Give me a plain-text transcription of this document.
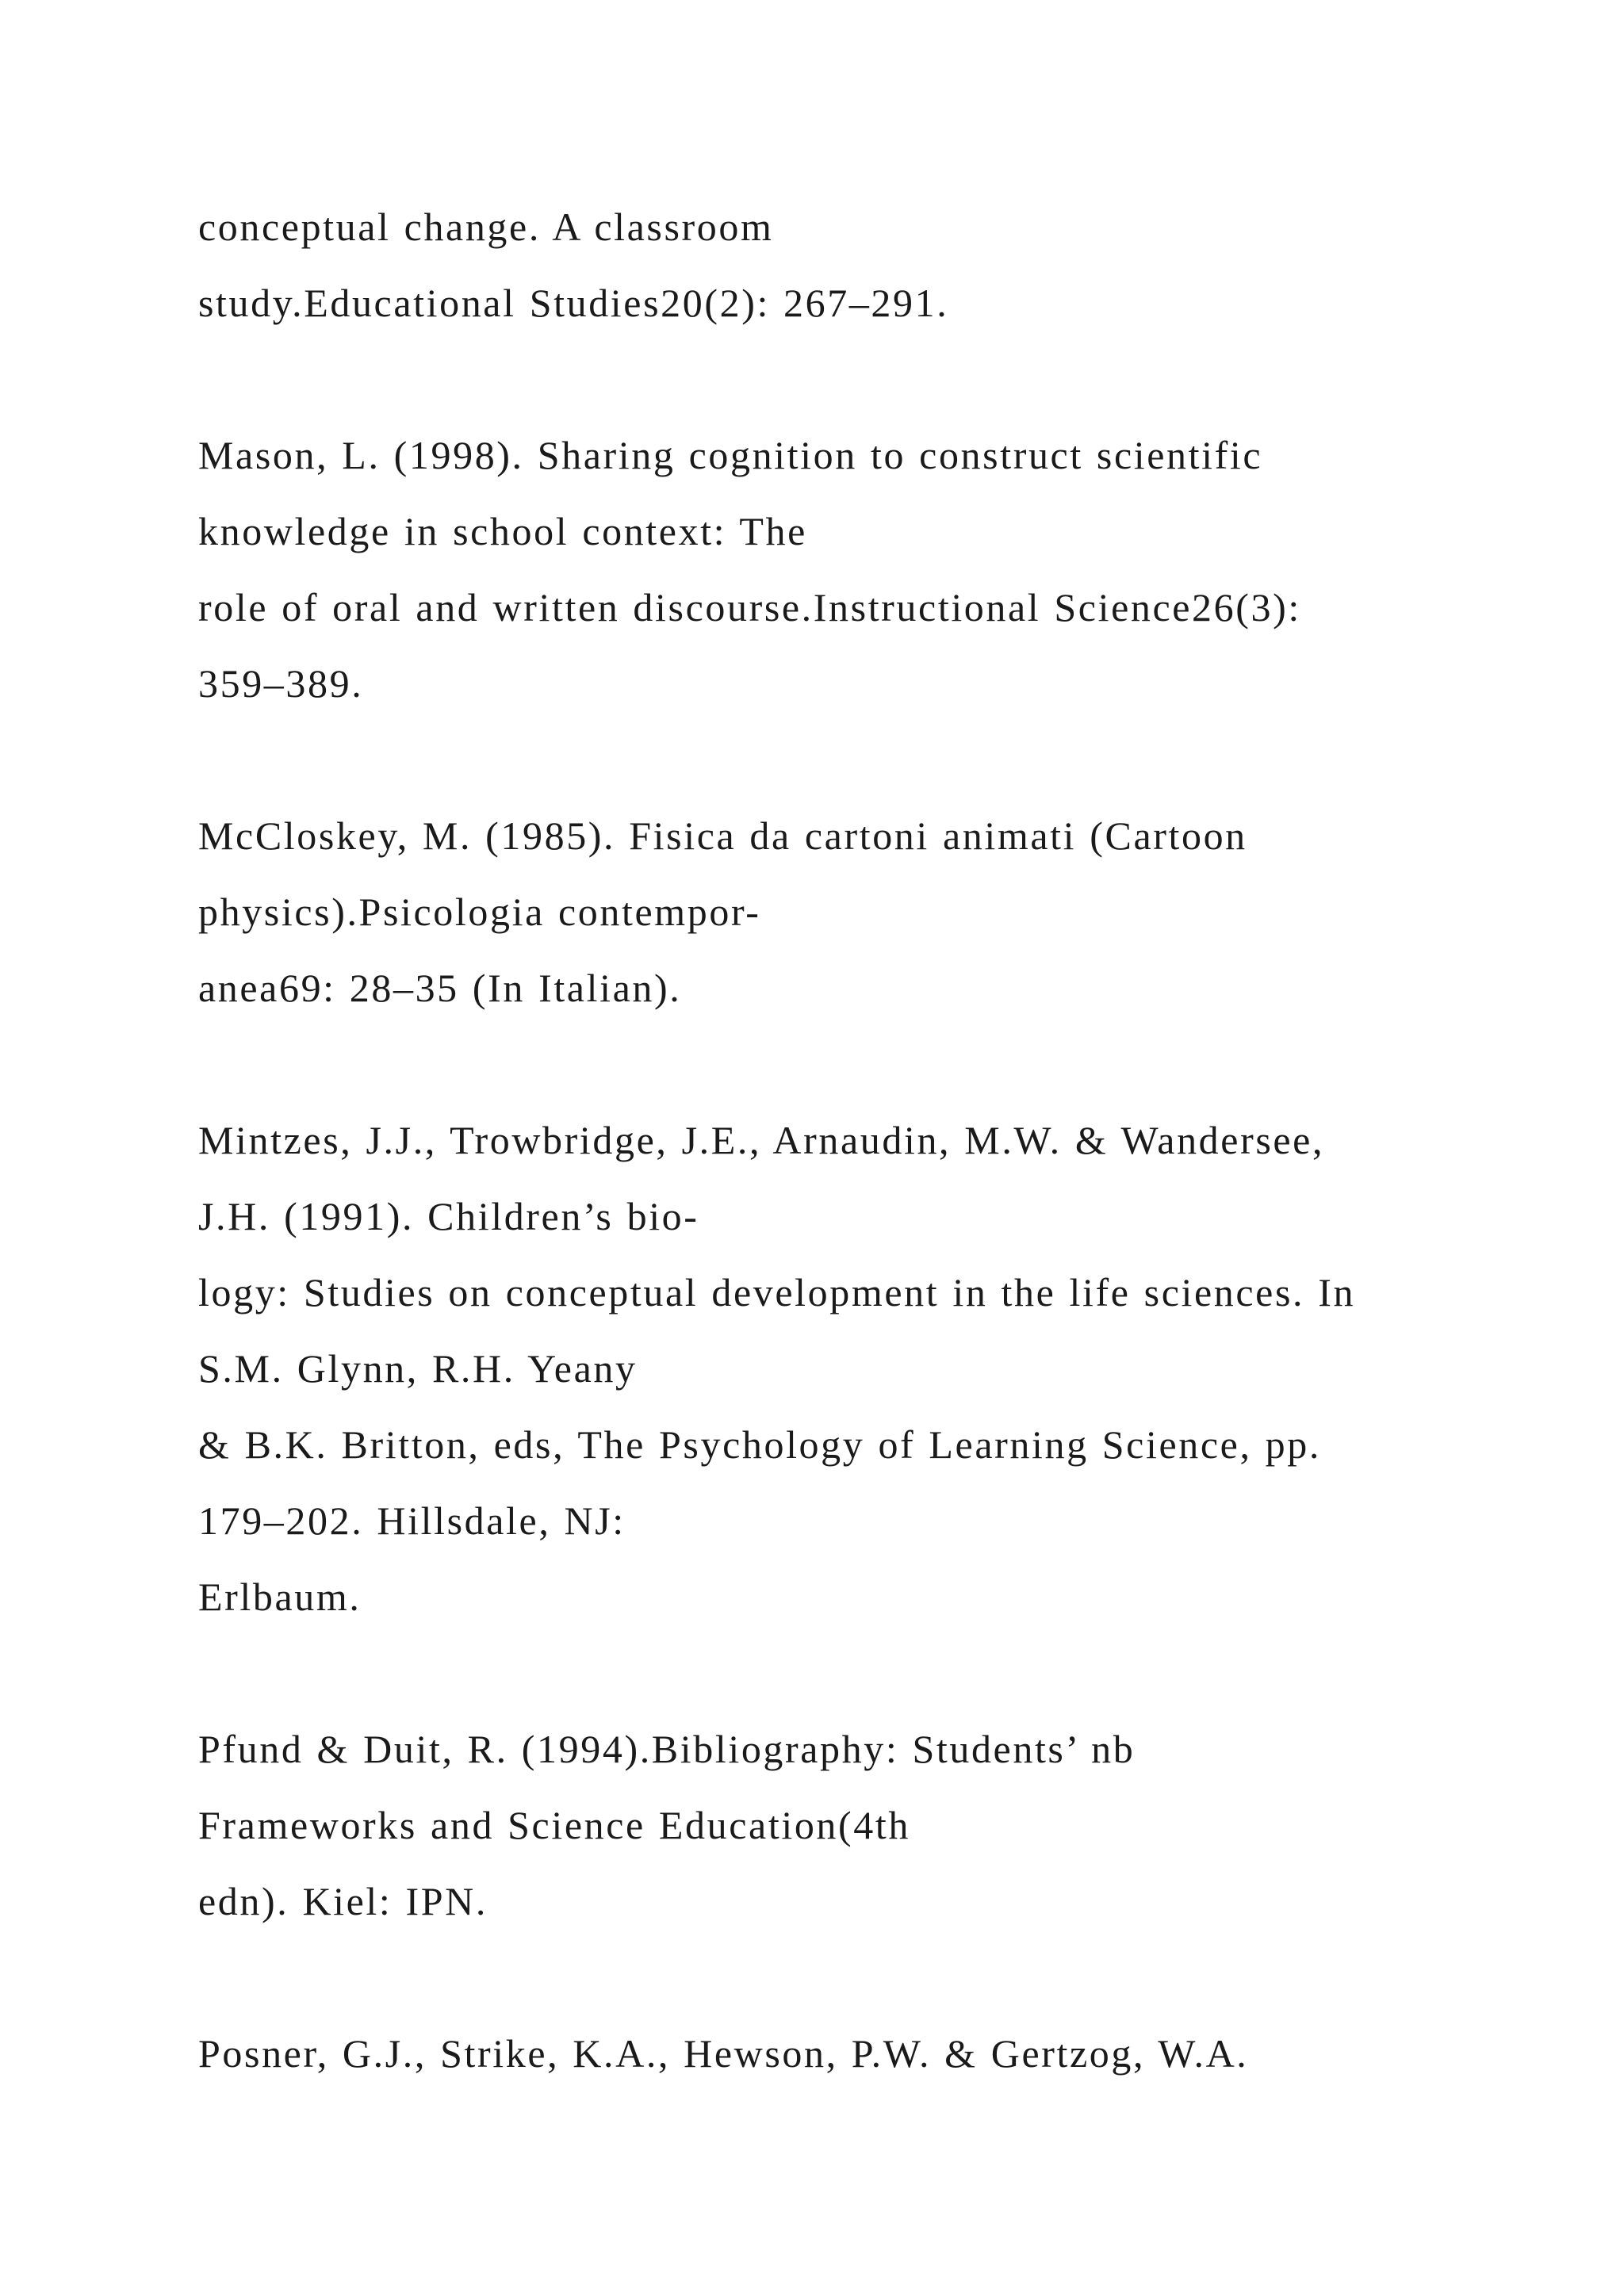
conceptual change. A classroom
study.Educational Studies20(2): 267–291.
Mason, L. (1998). Sharing cognition to construct scientific
knowledge in school context: The
role of oral and written discourse.Instructional Science26(3):
359–389.
McCloskey, M. (1985). Fisica da cartoni animati (Cartoon
physics).Psicologia contempor-
anea69: 28–35 (In Italian).
Mintzes, J.J., Trowbridge, J.E., Arnaudin, M.W. & Wandersee,
J.H. (1991). Children’s bio-
logy: Studies on conceptual development in the life sciences. In
S.M. Glynn, R.H. Yeany
& B.K. Britton, eds, The Psychology of Learning Science, pp.
179–202. Hillsdale, NJ:
Erlbaum.
Pfund & Duit, R. (1994).Bibliography: Students’ nb
Frameworks and Science Education(4th
edn). Kiel: IPN.
Posner, G.J., Strike, K.A., Hewson, P.W. & Gertzog, W.A.
